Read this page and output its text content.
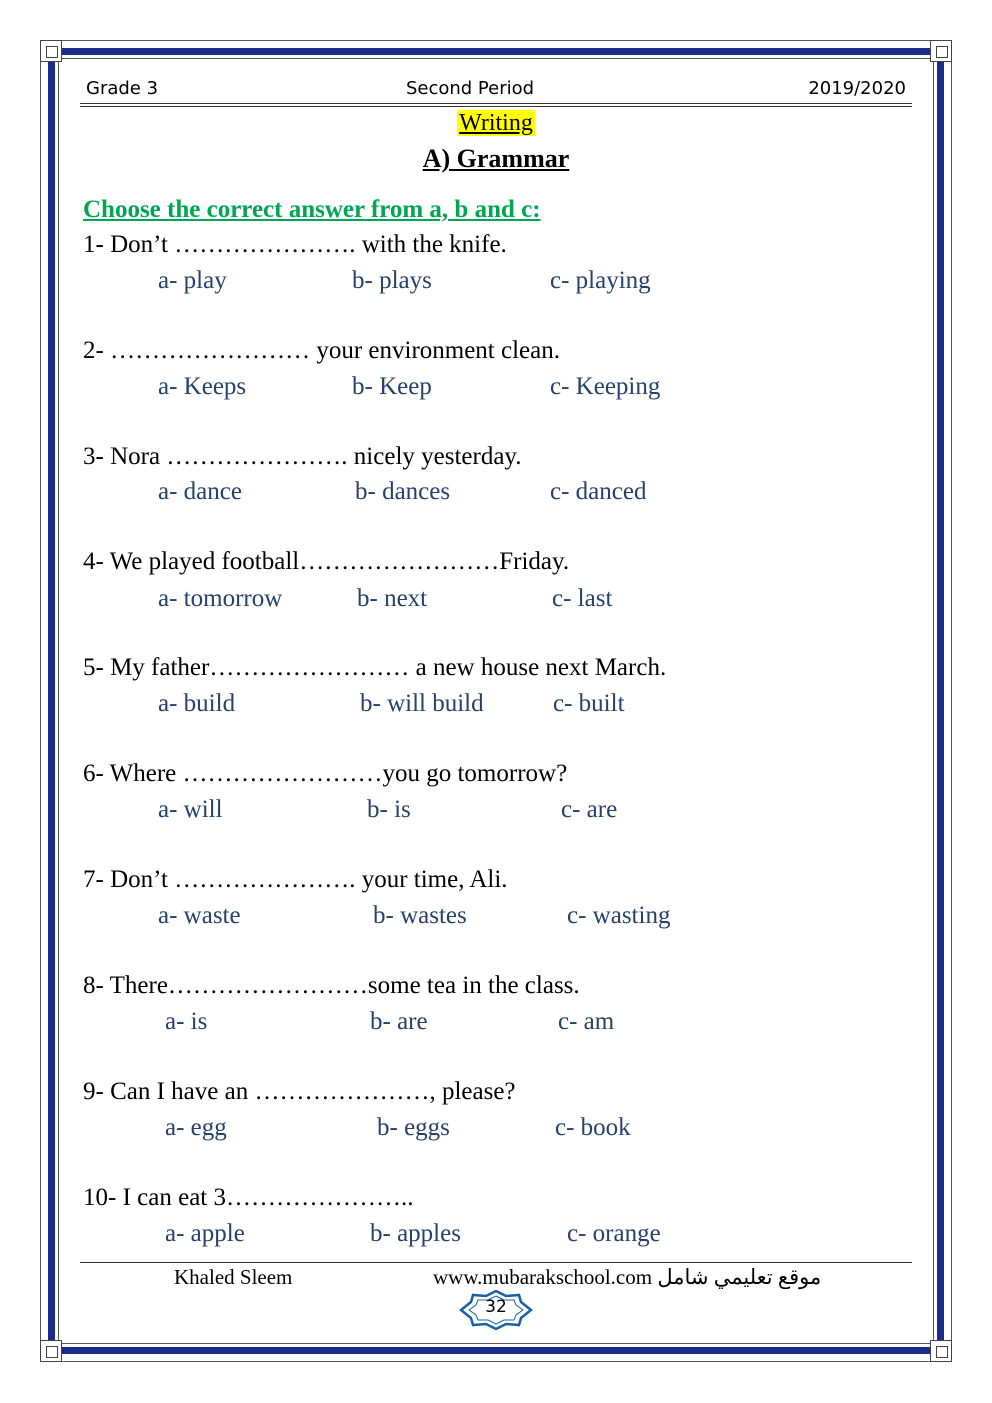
Grade 3	Second Period	2019/2020
Writing
A) Grammar
Choose the correct answer from a, b and c:
1- Don’t …………………. with the knife.
a- play	b- plays	c- playing
2- …………………… your environment clean.
a- Keeps	b- Keep	c- Keeping
3- Nora …………………. nicely yesterday.
a- dance	b- dances	c- danced
4- We played football……………………Friday.
a- tomorrow	b- next	c- last
5- My father…………………… a new house next March.
a- build	b- will build	c- built
6- Where ……………………you go tomorrow?
a- will	b- is	c- are
7- Don’t …………………. your time, Ali.
a- waste	b- wastes	c- wasting
8- There……………………some tea in the class.
a- is	b- are	c- am
9- Can I have an …………………, please?
a- egg	b- eggs	c- book
10- I can eat 3…………………..
a- apple	b- apples	c- orange
Khaled Sleem	www.mubarakschool.com موقع تعليمي شامل
32
